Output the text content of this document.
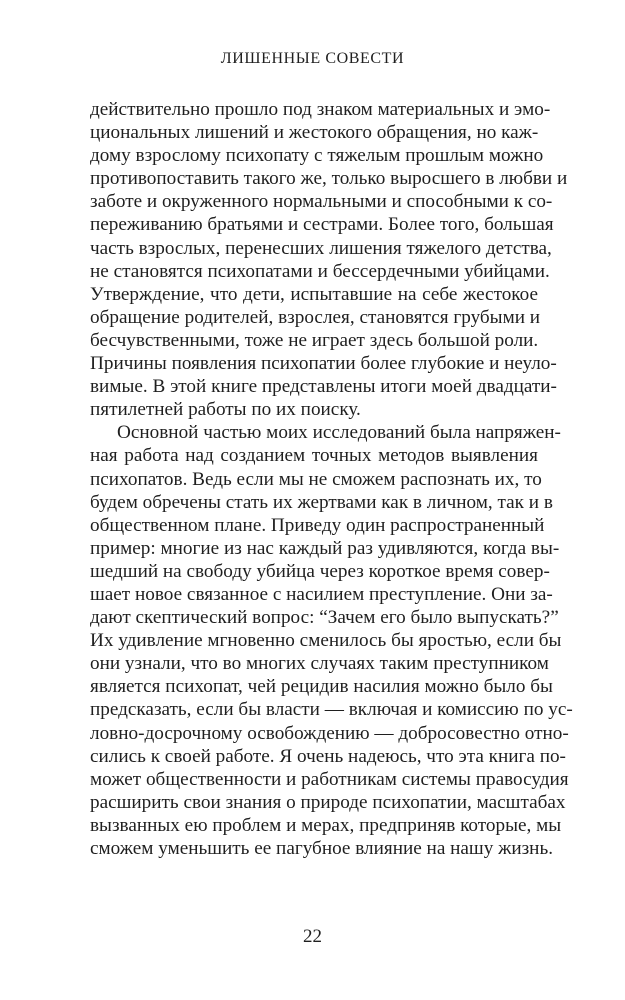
ЛИШЕННЫЕ СОВЕСТИ
действительно прошло под знаком материальных и эмо-
циональных лишений и жестокого обращения, но каж-
дому взрослому психопату с тяжелым прошлым можно
противопоставить такого же, только выросшего в любви и
заботе и окруженного нормальными и способными к со-
переживанию братьями и сестрами. Более того, большая
часть взрослых, перенесших лишения тяжелого детства,
не становятся психопатами и бессердечными убийцами.
Утверждение, что дети, испытавшие на себе жестокое
обращение родителей, взрослея, становятся грубыми и
бесчувственными, тоже не играет здесь большой роли.
Причины появления психопатии более глубокие и неуло-
вимые. В этой книге представлены итоги моей двадцати-
пятилетней работы по их поиску.
Основной частью моих исследований была напряжен-
ная работа над созданием точных методов выявления
психопатов. Ведь если мы не сможем распознать их, то
будем обречены стать их жертвами как в личном, так и в
общественном плане. Приведу один распространенный
пример: многие из нас каждый раз удивляются, когда вы-
шедший на свободу убийца через короткое время совер-
шает новое связанное с насилием преступление. Они за-
дают скептический вопрос: “Зачем его было выпускать?”
Их удивление мгновенно сменилось бы яростью, если бы
они узнали, что во многих случаях таким преступником
является психопат, чей рецидив насилия можно было бы
предсказать, если бы власти — включая и комиссию по ус-
ловно-досрочному освобождению — добросовестно отно-
сились к своей работе. Я очень надеюсь, что эта книга по-
может общественности и работникам системы правосудия
расширить свои знания о природе психопатии, масштабах
вызванных ею проблем и мерах, предприняв которые, мы
сможем уменьшить ее пагубное влияние на нашу жизнь.
22
